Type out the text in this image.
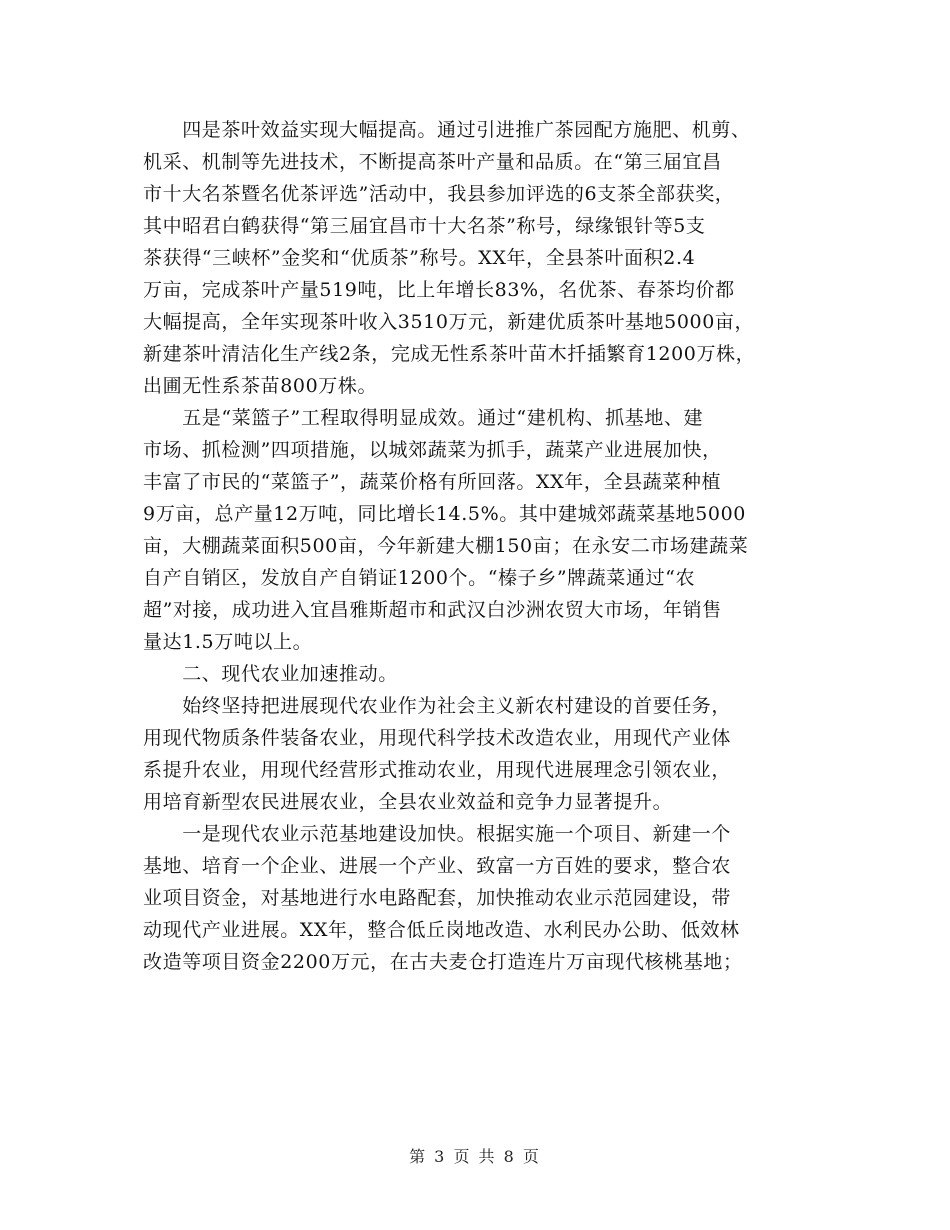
　　四是茶叶效益实现大幅提高。通过引进推广茶园配方施肥、机剪、
机采、机制等先进技术，不断提高茶叶产量和品质。在“第三届宜昌
市十大名茶暨名优茶评选”活动中，我县参加评选的6支茶全部获奖，
其中昭君白鹤获得“第三届宜昌市十大名茶”称号，绿缘银针等5支
茶获得“三峡杯”金奖和“优质茶”称号。XX年，全县茶叶面积2.4
万亩，完成茶叶产量519吨，比上年增长83%，名优茶、春茶均价都
大幅提高，全年实现茶叶收入3510万元，新建优质茶叶基地5000亩，
新建茶叶清洁化生产线2条，完成无性系茶叶苗木扦插繁育1200万株，
出圃无性系茶苗800万株。
　　五是“菜篮子”工程取得明显成效。通过“建机构、抓基地、建
市场、抓检测”四项措施，以城郊蔬菜为抓手，蔬菜产业进展加快，
丰富了市民的“菜篮子”，蔬菜价格有所回落。XX年，全县蔬菜种植
9万亩，总产量12万吨，同比增长14.5%。其中建城郊蔬菜基地5000
亩，大棚蔬菜面积500亩，今年新建大棚150亩；在永安二市场建蔬菜
自产自销区，发放自产自销证1200个。“榛子乡”牌蔬菜通过“农
超”对接，成功进入宜昌雅斯超市和武汉白沙洲农贸大市场，年销售
量达1.5万吨以上。
　　二、现代农业加速推动。
　　始终坚持把进展现代农业作为社会主义新农村建设的首要任务，
用现代物质条件装备农业，用现代科学技术改造农业，用现代产业体
系提升农业，用现代经营形式推动农业，用现代进展理念引领农业，
用培育新型农民进展农业，全县农业效益和竞争力显著提升。
　　一是现代农业示范基地建设加快。根据实施一个项目、新建一个
基地、培育一个企业、进展一个产业、致富一方百姓的要求，整合农
业项目资金，对基地进行水电路配套，加快推动农业示范园建设，带
动现代产业进展。XX年，整合低丘岗地改造、水利民办公助、低效林
改造等项目资金2200万元，在古夫麦仓打造连片万亩现代核桃基地；
第 3 页 共 8 页
